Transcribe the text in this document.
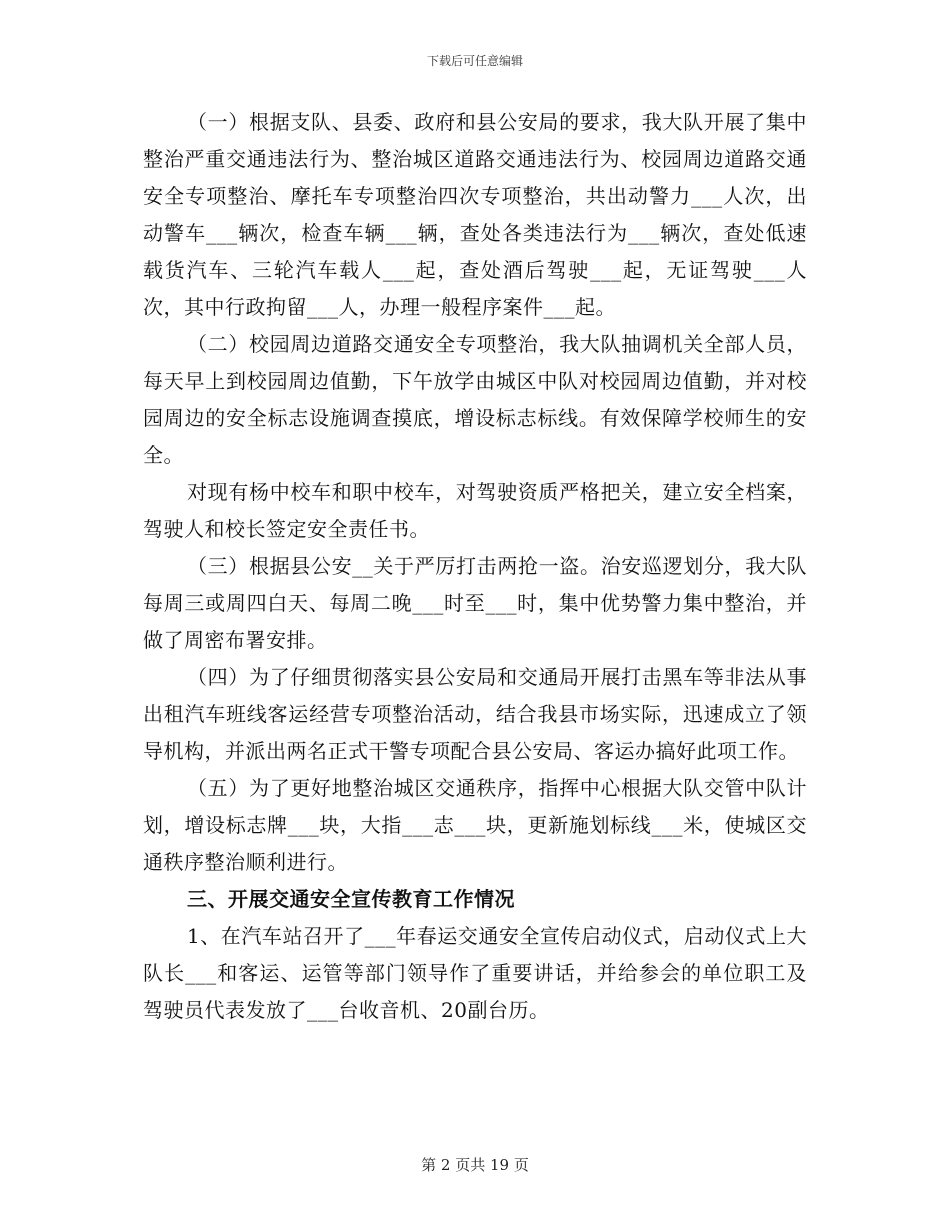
下载后可任意编辑

（一）根据支队、县委、政府和县公安局的要求，我大队开展了集中整治严重交通违法行为、整治城区道路交通违法行为、校园周边道路交通安全专项整治、摩托车专项整治四次专项整治，共出动警力___人次，出动警车___辆次，检查车辆___辆，查处各类违法行为___辆次，查处低速载货汽车、三轮汽车载人___起，查处酒后驾驶___起，无证驾驶___人次，其中行政拘留___人，办理一般程序案件___起。

（二）校园周边道路交通安全专项整治，我大队抽调机关全部人员，每天早上到校园周边值勤，下午放学由城区中队对校园周边值勤，并对校园周边的安全标志设施调查摸底，增设标志标线。有效保障学校师生的安全。

对现有杨中校车和职中校车，对驾驶资质严格把关，建立安全档案，驾驶人和校长签定安全责任书。

（三）根据县公安__关于严厉打击两抢一盗。治安巡逻划分，我大队每周三或周四白天、每周二晚___时至___时，集中优势警力集中整治，并做了周密布署安排。

（四）为了仔细贯彻落实县公安局和交通局开展打击黑车等非法从事出租汽车班线客运经营专项整治活动，结合我县市场实际，迅速成立了领导机构，并派出两名正式干警专项配合县公安局、客运办搞好此项工作。

（五）为了更好地整治城区交通秩序，指挥中心根据大队交管中队计划，增设标志牌___块，大指___志___块，更新施划标线___米，使城区交通秩序整治顺利进行。

三、开展交通安全宣传教育工作情况

1、在汽车站召开了___年春运交通安全宣传启动仪式，启动仪式上大队长___和客运、运管等部门领导作了重要讲话，并给参会的单位职工及驾驶员代表发放了___台收音机、20副台历。

第 2 页共 19 页
